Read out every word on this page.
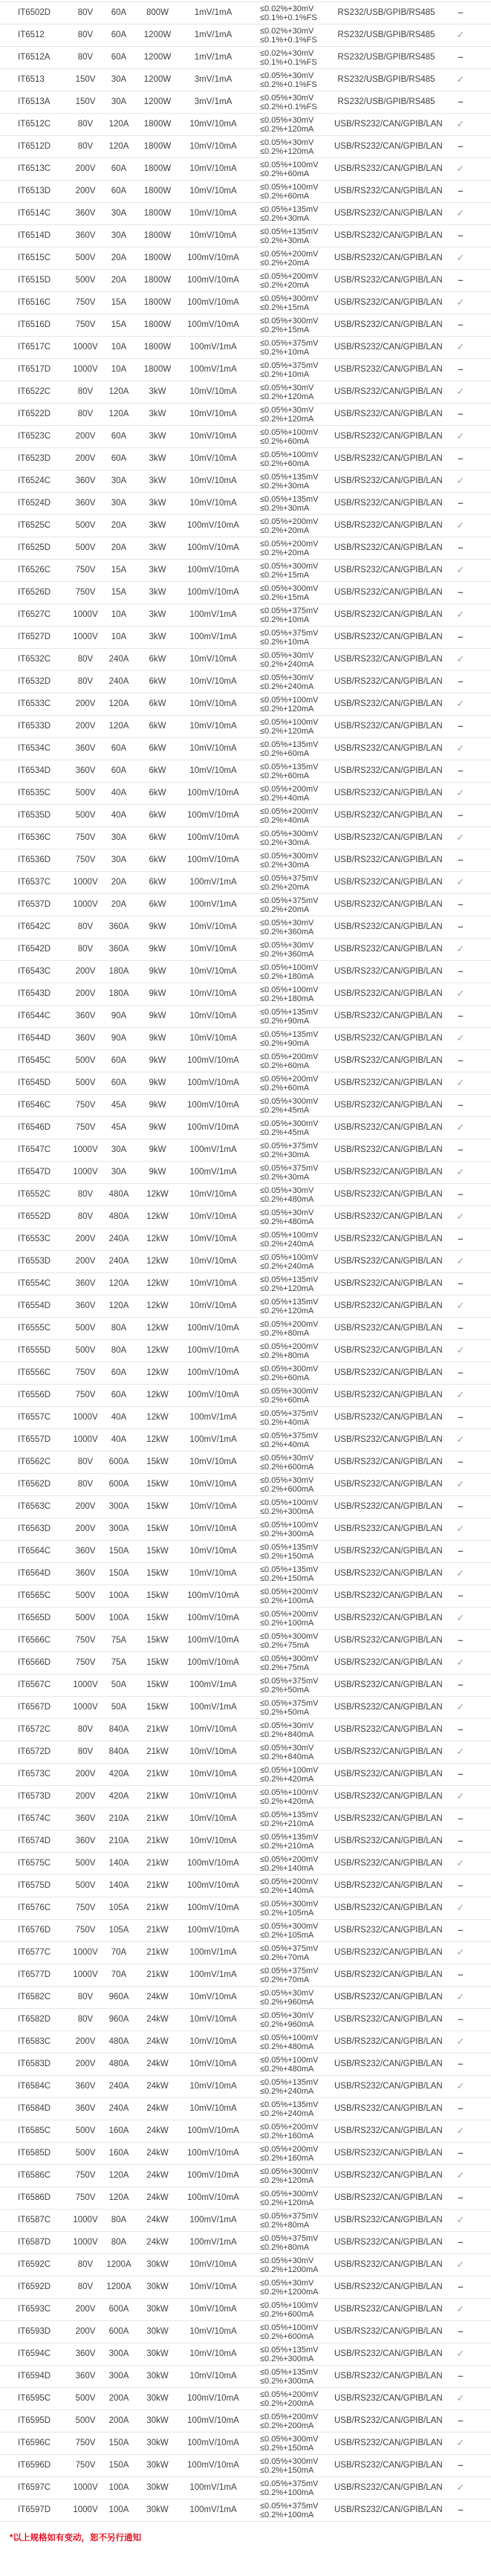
IT6502D	80V	60A	800W	1mV/1mA	≤0.02%+30mV
≤0.1%+0.1%FS
RS232/USB/GPIB/RS485	–
IT6512	80V	60A	1200W	1mV/1mA	≤0.02%+30mV
≤0.1%+0.1%FS
RS232/USB/GPIB/RS485	✓
IT6512A	80V	60A	1200W	1mV/1mA	≤0.02%+30mV
≤0.1%+0.1%FS
RS232/USB/GPIB/RS485	–
IT6513	150V	30A	1200W	3mV/1mA	≤0.05%+30mV
≤0.2%+0.1%FS
RS232/USB/GPIB/RS485	✓
IT6513A	150V	30A	1200W	3mV/1mA	≤0.05%+30mV
≤0.2%+0.1%FS
RS232/USB/GPIB/RS485	–
IT6512C	80V	120A	1800W	10mV/10mA	≤0.05%+30mV
≤0.2%+120mA
USB/RS232/CAN/GPIB/LAN	✓
IT6512D	80V	120A	1800W	10mV/10mA	≤0.05%+30mV
≤0.2%+120mA
USB/RS232/CAN/GPIB/LAN	–
IT6513C	200V	60A	1800W	10mV/10mA	≤0.05%+100mV
≤0.2%+60mA
USB/RS232/CAN/GPIB/LAN	✓
IT6513D	200V	60A	1800W	10mV/10mA	≤0.05%+100mV
≤0.2%+60mA
USB/RS232/CAN/GPIB/LAN	–
IT6514C	360V	30A	1800W	10mV/10mA	≤0.05%+135mV
≤0.2%+30mA
USB/RS232/CAN/GPIB/LAN	✓
IT6514D	360V	30A	1800W	10mV/10mA	≤0.05%+135mV
≤0.2%+30mA
USB/RS232/CAN/GPIB/LAN	–
IT6515C	500V	20A	1800W	100mV/10mA	≤0.05%+200mV
≤0.2%+20mA
USB/RS232/CAN/GPIB/LAN	✓
IT6515D	500V	20A	1800W	100mV/10mA	≤0.05%+200mV
≤0.2%+20mA
USB/RS232/CAN/GPIB/LAN	–
IT6516C	750V	15A	1800W	100mV/10mA	≤0.05%+300mV
≤0.2%+15mA
USB/RS232/CAN/GPIB/LAN	✓
IT6516D	750V	15A	1800W	100mV/10mA	≤0.05%+300mV
≤0.2%+15mA
USB/RS232/CAN/GPIB/LAN	–
IT6517C	1000V	10A	1800W	100mV/1mA	≤0.05%+375mV
≤0.2%+10mA
USB/RS232/CAN/GPIB/LAN	✓
IT6517D	1000V	10A	1800W	100mV/1mA	≤0.05%+375mV
≤0.2%+10mA
USB/RS232/CAN/GPIB/LAN	–
IT6522C	80V	120A	3kW	10mV/10mA	≤0.05%+30mV
≤0.2%+120mA
USB/RS232/CAN/GPIB/LAN	✓
IT6522D	80V	120A	3kW	10mV/10mA	≤0.05%+30mV
≤0.2%+120mA
USB/RS232/CAN/GPIB/LAN	–
IT6523C	200V	60A	3kW	10mV/10mA	≤0.05%+100mV
≤0.2%+60mA
USB/RS232/CAN/GPIB/LAN	✓
IT6523D	200V	60A	3kW	10mV/10mA	≤0.05%+100mV
≤0.2%+60mA
USB/RS232/CAN/GPIB/LAN	–
IT6524C	360V	30A	3kW	10mV/10mA	≤0.05%+135mV
≤0.2%+30mA
USB/RS232/CAN/GPIB/LAN	✓
IT6524D	360V	30A	3kW	10mV/10mA	≤0.05%+135mV
≤0.2%+30mA
USB/RS232/CAN/GPIB/LAN	–
IT6525C	500V	20A	3kW	100mV/10mA	≤0.05%+200mV
≤0.2%+20mA
USB/RS232/CAN/GPIB/LAN	✓
IT6525D	500V	20A	3kW	100mV/10mA	≤0.05%+200mV
≤0.2%+20mA
USB/RS232/CAN/GPIB/LAN	–
IT6526C	750V	15A	3kW	100mV/10mA	≤0.05%+300mV
≤0.2%+15mA
USB/RS232/CAN/GPIB/LAN	✓
IT6526D	750V	15A	3kW	100mV/10mA	≤0.05%+300mV
≤0.2%+15mA
USB/RS232/CAN/GPIB/LAN	–
IT6527C	1000V	10A	3kW	100mV/1mA	≤0.05%+375mV
≤0.2%+10mA
USB/RS232/CAN/GPIB/LAN	✓
IT6527D	1000V	10A	3kW	100mV/1mA	≤0.05%+375mV
≤0.2%+10mA
USB/RS232/CAN/GPIB/LAN	–
IT6532C	80V	240A	6kW	10mV/10mA	≤0.05%+30mV
≤0.2%+240mA
USB/RS232/CAN/GPIB/LAN	✓
IT6532D	80V	240A	6kW	10mV/10mA	≤0.05%+30mV
≤0.2%+240mA
USB/RS232/CAN/GPIB/LAN	–
IT6533C	200V	120A	6kW	10mV/10mA	≤0.05%+100mV
≤0.2%+120mA
USB/RS232/CAN/GPIB/LAN	✓
IT6533D	200V	120A	6kW	10mV/10mA	≤0.05%+100mV
≤0.2%+120mA
USB/RS232/CAN/GPIB/LAN	–
IT6534C	360V	60A	6kW	10mV/10mA	≤0.05%+135mV
≤0.2%+60mA
USB/RS232/CAN/GPIB/LAN	✓
IT6534D	360V	60A	6kW	10mV/10mA	≤0.05%+135mV
≤0.2%+60mA
USB/RS232/CAN/GPIB/LAN	–
IT6535C	500V	40A	6kW	100mV/10mA	≤0.05%+200mV
≤0.2%+40mA
USB/RS232/CAN/GPIB/LAN	✓
IT6535D	500V	40A	6kW	100mV/10mA	≤0.05%+200mV
≤0.2%+40mA
USB/RS232/CAN/GPIB/LAN	–
IT6536C	750V	30A	6kW	100mV/10mA	≤0.05%+300mV
≤0.2%+30mA
USB/RS232/CAN/GPIB/LAN	✓
IT6536D	750V	30A	6kW	100mV/10mA	≤0.05%+300mV
≤0.2%+30mA
USB/RS232/CAN/GPIB/LAN	–
IT6537C	1000V	20A	6kW	100mV/1mA	≤0.05%+375mV
≤0.2%+20mA
USB/RS232/CAN/GPIB/LAN	✓
IT6537D	1000V	20A	6kW	100mV/1mA	≤0.05%+375mV
≤0.2%+20mA
USB/RS232/CAN/GPIB/LAN	–
IT6542C	80V	360A	9kW	10mV/10mA	≤0.05%+30mV
≤0.2%+360mA
USB/RS232/CAN/GPIB/LAN	–
IT6542D	80V	360A	9kW	10mV/10mA	≤0.05%+30mV
≤0.2%+360mA
USB/RS232/CAN/GPIB/LAN	✓
IT6543C	200V	180A	9kW	10mV/10mA	≤0.05%+100mV
≤0.2%+180mA
USB/RS232/CAN/GPIB/LAN	–
IT6543D	200V	180A	9kW	10mV/10mA	≤0.05%+100mV
≤0.2%+180mA
USB/RS232/CAN/GPIB/LAN	✓
IT6544C	360V	90A	9kW	10mV/10mA	≤0.05%+135mV
≤0.2%+90mA
USB/RS232/CAN/GPIB/LAN	–
IT6544D	360V	90A	9kW	10mV/10mA	≤0.05%+135mV
≤0.2%+90mA
USB/RS232/CAN/GPIB/LAN	✓
IT6545C	500V	60A	9kW	100mV/10mA	≤0.05%+200mV
≤0.2%+60mA
USB/RS232/CAN/GPIB/LAN	–
IT6545D	500V	60A	9kW	100mV/10mA	≤0.05%+200mV
≤0.2%+60mA
USB/RS232/CAN/GPIB/LAN	✓
IT6546C	750V	45A	9kW	100mV/10mA	≤0.05%+300mV
≤0.2%+45mA
USB/RS232/CAN/GPIB/LAN	–
IT6546D	750V	45A	9kW	100mV/10mA	≤0.05%+300mV
≤0.2%+45mA
USB/RS232/CAN/GPIB/LAN	✓
IT6547C	1000V	30A	9kW	100mV/1mA	≤0.05%+375mV
≤0.2%+30mA
USB/RS232/CAN/GPIB/LAN	–
IT6547D	1000V	30A	9kW	100mV/1mA	≤0.05%+375mV
≤0.2%+30mA
USB/RS232/CAN/GPIB/LAN	✓
IT6552C	80V	480A	12kW	10mV/10mA	≤0.05%+30mV
≤0.2%+480mA
USB/RS232/CAN/GPIB/LAN	–
IT6552D	80V	480A	12kW	10mV/10mA	≤0.05%+30mV
≤0.2%+480mA
USB/RS232/CAN/GPIB/LAN	✓
IT6553C	200V	240A	12kW	10mV/10mA	≤0.05%+100mV
≤0.2%+240mA
USB/RS232/CAN/GPIB/LAN	–
IT6553D	200V	240A	12kW	10mV/10mA	≤0.05%+100mV
≤0.2%+240mA
USB/RS232/CAN/GPIB/LAN	✓
IT6554C	360V	120A	12kW	10mV/10mA	≤0.05%+135mV
≤0.2%+120mA
USB/RS232/CAN/GPIB/LAN	–
IT6554D	360V	120A	12kW	10mV/10mA	≤0.05%+135mV
≤0.2%+120mA
USB/RS232/CAN/GPIB/LAN	✓
IT6555C	500V	80A	12kW	100mV/10mA	≤0.05%+200mV
≤0.2%+80mA
USB/RS232/CAN/GPIB/LAN	–
IT6555D	500V	80A	12kW	100mV/10mA	≤0.05%+200mV
≤0.2%+80mA
USB/RS232/CAN/GPIB/LAN	✓
IT6556C	750V	60A	12kW	100mV/10mA	≤0.05%+300mV
≤0.2%+60mA
USB/RS232/CAN/GPIB/LAN	–
IT6556D	750V	60A	12kW	100mV/10mA	≤0.05%+300mV
≤0.2%+60mA
USB/RS232/CAN/GPIB/LAN	✓
IT6557C	1000V	40A	12kW	100mV/1mA	≤0.05%+375mV
≤0.2%+40mA
USB/RS232/CAN/GPIB/LAN	–
IT6557D	1000V	40A	12kW	100mV/1mA	≤0.05%+375mV
≤0.2%+40mA
USB/RS232/CAN/GPIB/LAN	✓
IT6562C	80V	600A	15kW	10mV/10mA	≤0.05%+30mV
≤0.2%+600mA
USB/RS232/CAN/GPIB/LAN	–
IT6562D	80V	600A	15kW	10mV/10mA	≤0.05%+30mV
≤0.2%+600mA
USB/RS232/CAN/GPIB/LAN	✓
IT6563C	200V	300A	15kW	10mV/10mA	≤0.05%+100mV
≤0.2%+300mA
USB/RS232/CAN/GPIB/LAN	–
IT6563D	200V	300A	15kW	10mV/10mA	≤0.05%+100mV
≤0.2%+300mA
USB/RS232/CAN/GPIB/LAN	✓
IT6564C	360V	150A	15kW	10mV/10mA	≤0.05%+135mV
≤0.2%+150mA
USB/RS232/CAN/GPIB/LAN	–
IT6564D	360V	150A	15kW	10mV/10mA	≤0.05%+135mV
≤0.2%+150mA
USB/RS232/CAN/GPIB/LAN	✓
IT6565C	500V	100A	15kW	100mV/10mA	≤0.05%+200mV
≤0.2%+100mA
USB/RS232/CAN/GPIB/LAN	–
IT6565D	500V	100A	15kW	100mV/10mA	≤0.05%+200mV
≤0.2%+100mA
USB/RS232/CAN/GPIB/LAN	✓
IT6566C	750V	75A	15kW	100mV/10mA	≤0.05%+300mV
≤0.2%+75mA
USB/RS232/CAN/GPIB/LAN	–
IT6566D	750V	75A	15kW	100mV/10mA	≤0.05%+300mV
≤0.2%+75mA
USB/RS232/CAN/GPIB/LAN	✓
IT6567C	1000V	50A	15kW	100mV/1mA	≤0.05%+375mV
≤0.2%+50mA
USB/RS232/CAN/GPIB/LAN	–
IT6567D	1000V	50A	15kW	100mV/1mA	≤0.05%+375mV
≤0.2%+50mA
USB/RS232/CAN/GPIB/LAN	✓
IT6572C	80V	840A	21kW	10mV/10mA	≤0.05%+30mV
≤0.2%+840mA
USB/RS232/CAN/GPIB/LAN	–
IT6572D	80V	840A	21kW	10mV/10mA	≤0.05%+30mV
≤0.2%+840mA
USB/RS232/CAN/GPIB/LAN	✓
IT6573C	200V	420A	21kW	10mV/10mA	≤0.05%+100mV
≤0.2%+420mA
USB/RS232/CAN/GPIB/LAN	–
IT6573D	200V	420A	21kW	10mV/10mA	≤0.05%+100mV
≤0.2%+420mA
USB/RS232/CAN/GPIB/LAN	✓
IT6574C	360V	210A	21kW	10mV/10mA	≤0.05%+135mV
≤0.2%+210mA
USB/RS232/CAN/GPIB/LAN	–
IT6574D	360V	210A	21kW	10mV/10mA	≤0.05%+135mV
≤0.2%+210mA
USB/RS232/CAN/GPIB/LAN	–
IT6575C	500V	140A	21kW	100mV/10mA	≤0.05%+200mV
≤0.2%+140mA
USB/RS232/CAN/GPIB/LAN	✓
IT6575D	500V	140A	21kW	100mV/10mA	≤0.05%+200mV
≤0.2%+140mA
USB/RS232/CAN/GPIB/LAN	–
IT6576C	750V	105A	21kW	100mV/10mA	≤0.05%+300mV
≤0.2%+105mA
USB/RS232/CAN/GPIB/LAN	✓
IT6576D	750V	105A	21kW	100mV/10mA	≤0.05%+300mV
≤0.2%+105mA
USB/RS232/CAN/GPIB/LAN	–
IT6577C	1000V	70A	21kW	100mV/1mA	≤0.05%+375mV
≤0.2%+70mA
USB/RS232/CAN/GPIB/LAN	✓
IT6577D	1000V	70A	21kW	100mV/1mA	≤0.05%+375mV
≤0.2%+70mA
USB/RS232/CAN/GPIB/LAN	–
IT6582C	80V	960A	24kW	10mV/10mA	≤0.05%+30mV
≤0.2%+960mA
USB/RS232/CAN/GPIB/LAN	✓
IT6582D	80V	960A	24kW	10mV/10mA	≤0.05%+30mV
≤0.2%+960mA
USB/RS232/CAN/GPIB/LAN	–
IT6583C	200V	480A	24kW	10mV/10mA	≤0.05%+100mV
≤0.2%+480mA
USB/RS232/CAN/GPIB/LAN	✓
IT6583D	200V	480A	24kW	10mV/10mA	≤0.05%+100mV
≤0.2%+480mA
USB/RS232/CAN/GPIB/LAN	–
IT6584C	360V	240A	24kW	10mV/10mA	≤0.05%+135mV
≤0.2%+240mA
USB/RS232/CAN/GPIB/LAN	✓
IT6584D	360V	240A	24kW	10mV/10mA	≤0.05%+135mV
≤0.2%+240mA
USB/RS232/CAN/GPIB/LAN	–
IT6585C	500V	160A	24kW	100mV/10mA	≤0.05%+200mV
≤0.2%+160mA
USB/RS232/CAN/GPIB/LAN	✓
IT6585D	500V	160A	24kW	100mV/10mA	≤0.05%+200mV
≤0.2%+160mA
USB/RS232/CAN/GPIB/LAN	–
IT6586C	750V	120A	24kW	100mV/10mA	≤0.05%+300mV
≤0.2%+120mA
USB/RS232/CAN/GPIB/LAN	✓
IT6586D	750V	120A	24kW	100mV/10mA	≤0.05%+300mV
≤0.2%+120mA
USB/RS232/CAN/GPIB/LAN	–
IT6587C	1000V	80A	24kW	100mV/1mA	≤0.05%+375mV
≤0.2%+80mA
USB/RS232/CAN/GPIB/LAN	✓
IT6587D	1000V	80A	24kW	100mV/1mA	≤0.05%+375mV
≤0.2%+80mA
USB/RS232/CAN/GPIB/LAN	–
IT6592C	80V	1200A	30kW	10mV/10mA	≤0.05%+30mV
≤0.2%+1200mA
USB/RS232/CAN/GPIB/LAN	✓
IT6592D	80V	1200A	30kW	10mV/10mA	≤0.05%+30mV
≤0.2%+1200mA
USB/RS232/CAN/GPIB/LAN	–
IT6593C	200V	600A	30kW	10mV/10mA	≤0.05%+100mV
≤0.2%+600mA
USB/RS232/CAN/GPIB/LAN	✓
IT6593D	200V	600A	30kW	10mV/10mA	≤0.05%+100mV
≤0.2%+600mA
USB/RS232/CAN/GPIB/LAN	–
IT6594C	360V	300A	30kW	10mV/10mA	≤0.05%+135mV
≤0.2%+300mA
USB/RS232/CAN/GPIB/LAN	✓
IT6594D	360V	300A	30kW	10mV/10mA	≤0.05%+135mV
≤0.2%+300mA
USB/RS232/CAN/GPIB/LAN	–
IT6595C	500V	200A	30kW	100mV/10mA	≤0.05%+200mV
≤0.2%+200mA
USB/RS232/CAN/GPIB/LAN	✓
IT6595D	500V	200A	30kW	100mV/10mA	≤0.05%+200mV
≤0.2%+200mA
USB/RS232/CAN/GPIB/LAN	–
IT6596C	750V	150A	30kW	100mV/10mA	≤0.05%+300mV
≤0.2%+150mA
USB/RS232/CAN/GPIB/LAN	✓
IT6596D	750V	150A	30kW	100mV/10mA	≤0.05%+300mV
≤0.2%+150mA
USB/RS232/CAN/GPIB/LAN	–
IT6597C	1000V	100A	30kW	100mV/1mA	≤0.05%+375mV
≤0.2%+100mA
USB/RS232/CAN/GPIB/LAN	✓
IT6597D	1000V	100A	30kW	100mV/1mA	≤0.05%+375mV
≤0.2%+100mA
USB/RS232/CAN/GPIB/LAN	–
*以上规格如有变动，恕不另行通知
